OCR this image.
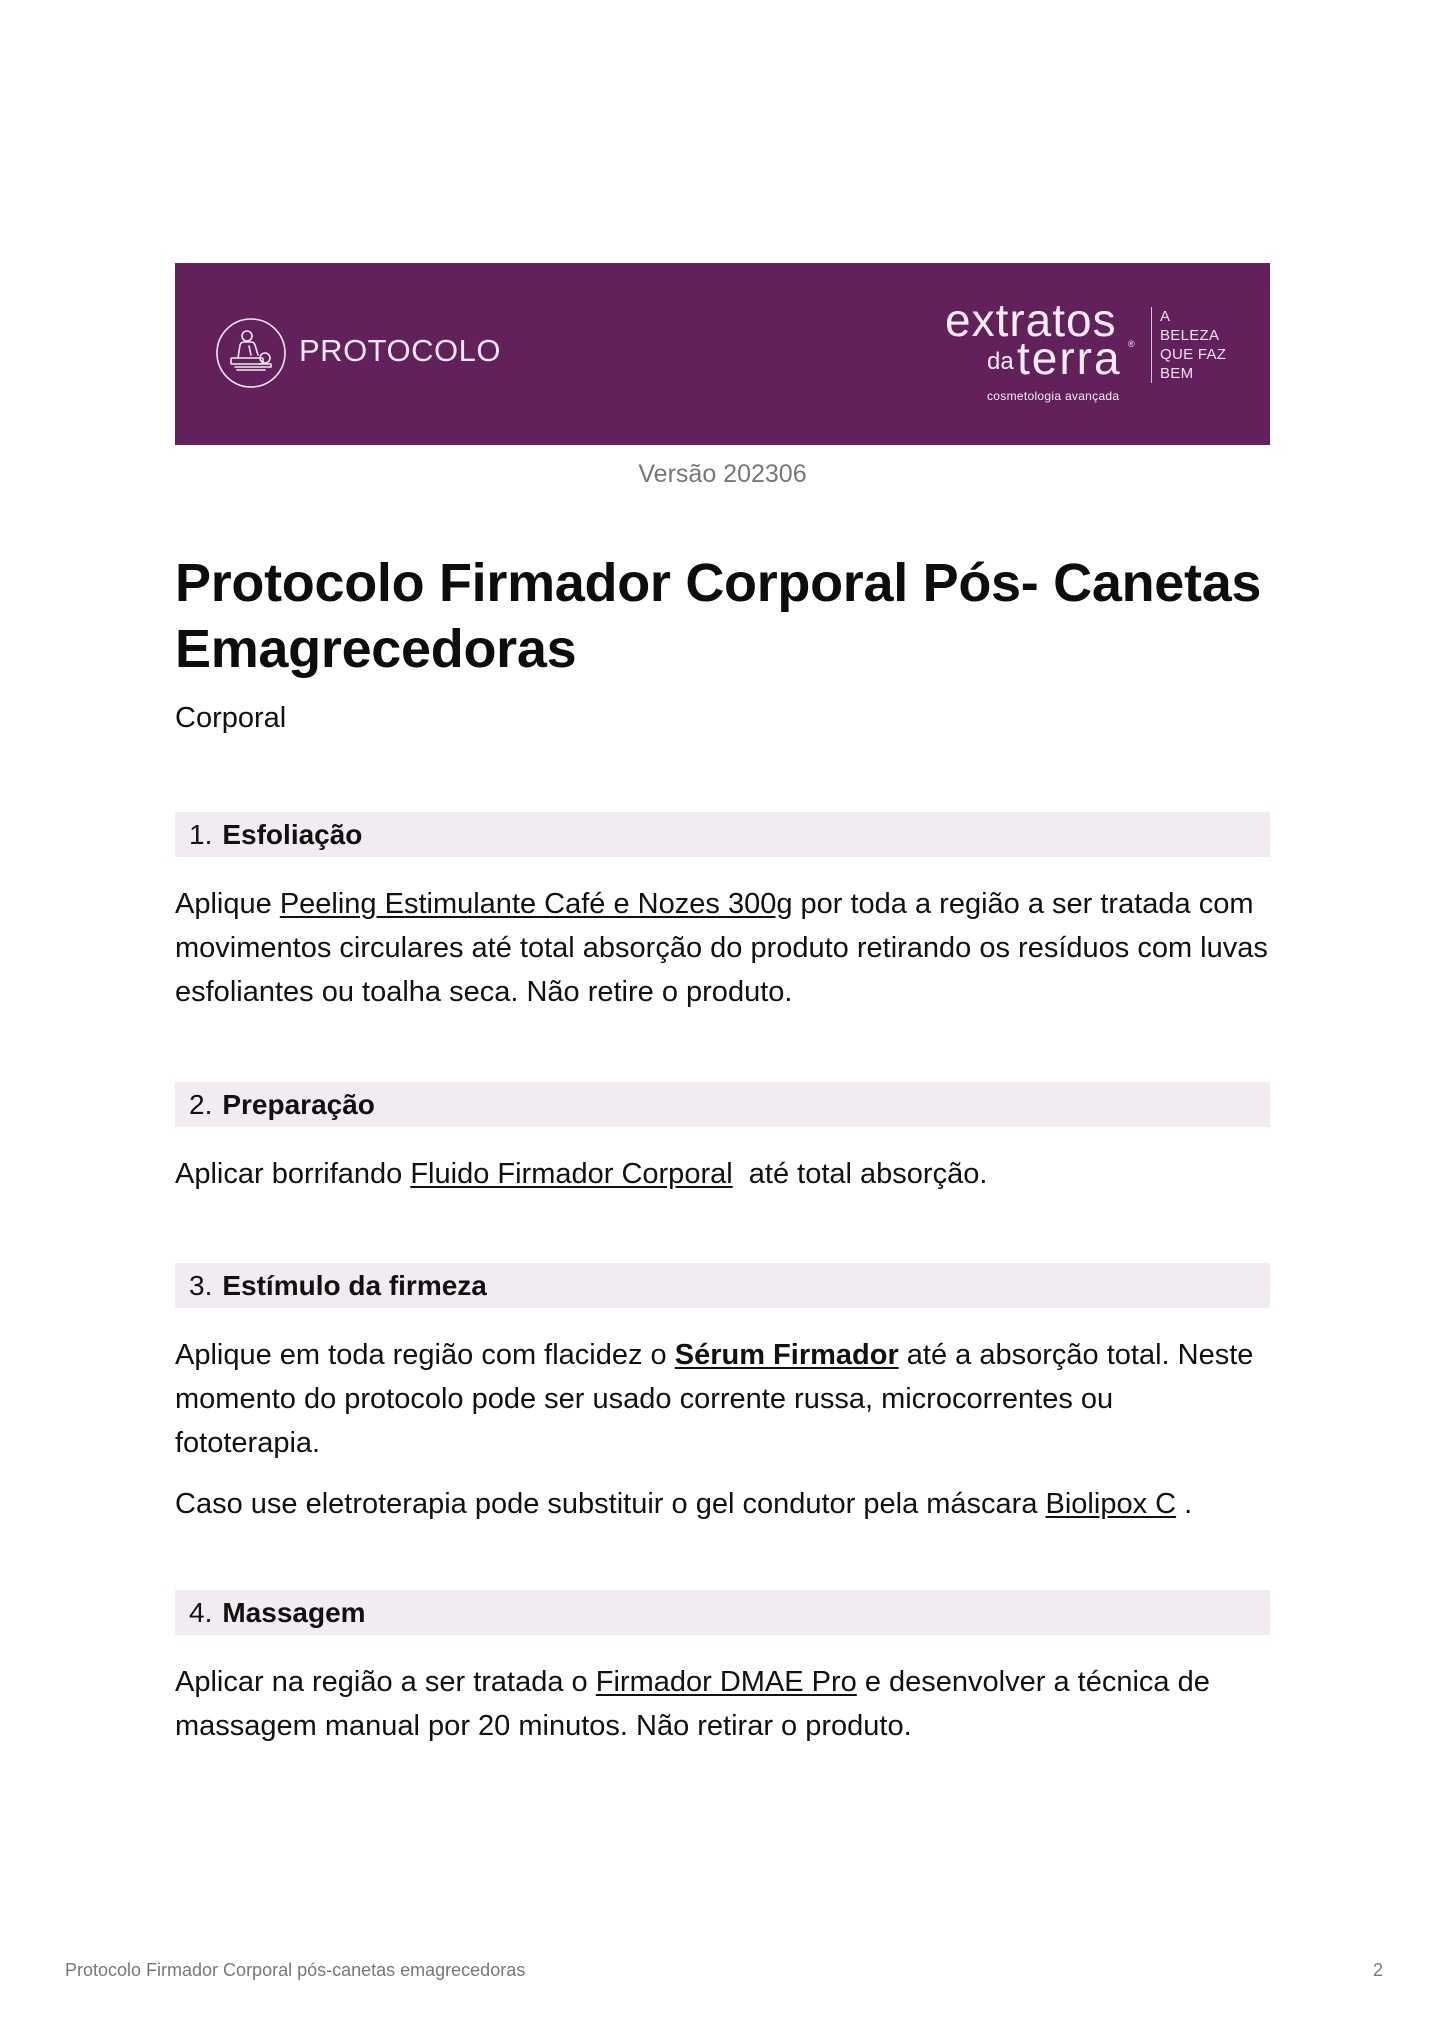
PROTOCOLO
extratos
da terra ®
cosmetologia avançada
A
BELEZA
QUE FAZ
BEM
Versão 202306
Protocolo Firmador Corporal Pós- Canetas Emagrecedoras
Corporal
1. Esfoliação

Aplique Peeling Estimulante Café e Nozes 300g por toda a região a ser tratada com movimentos circulares até total absorção do produto retirando os resíduos com luvas esfoliantes ou toalha seca. Não retire o produto.

2. Preparação

Aplicar borrifando Fluido Firmador Corporal  até total absorção.

3. Estímulo da firmeza

Aplique em toda região com flacidez o Sérum Firmador até a absorção total. Neste momento do protocolo pode ser usado corrente russa, microcorrentes ou fototerapia.

Caso use eletroterapia pode substituir o gel condutor pela máscara Biolipox C .

4. Massagem

Aplicar na região a ser tratada o Firmador DMAE Pro e desenvolver a técnica de massagem manual por 20 minutos. Não retirar o produto.

Protocolo Firmador Corporal pós-canetas emagrecedoras	2
